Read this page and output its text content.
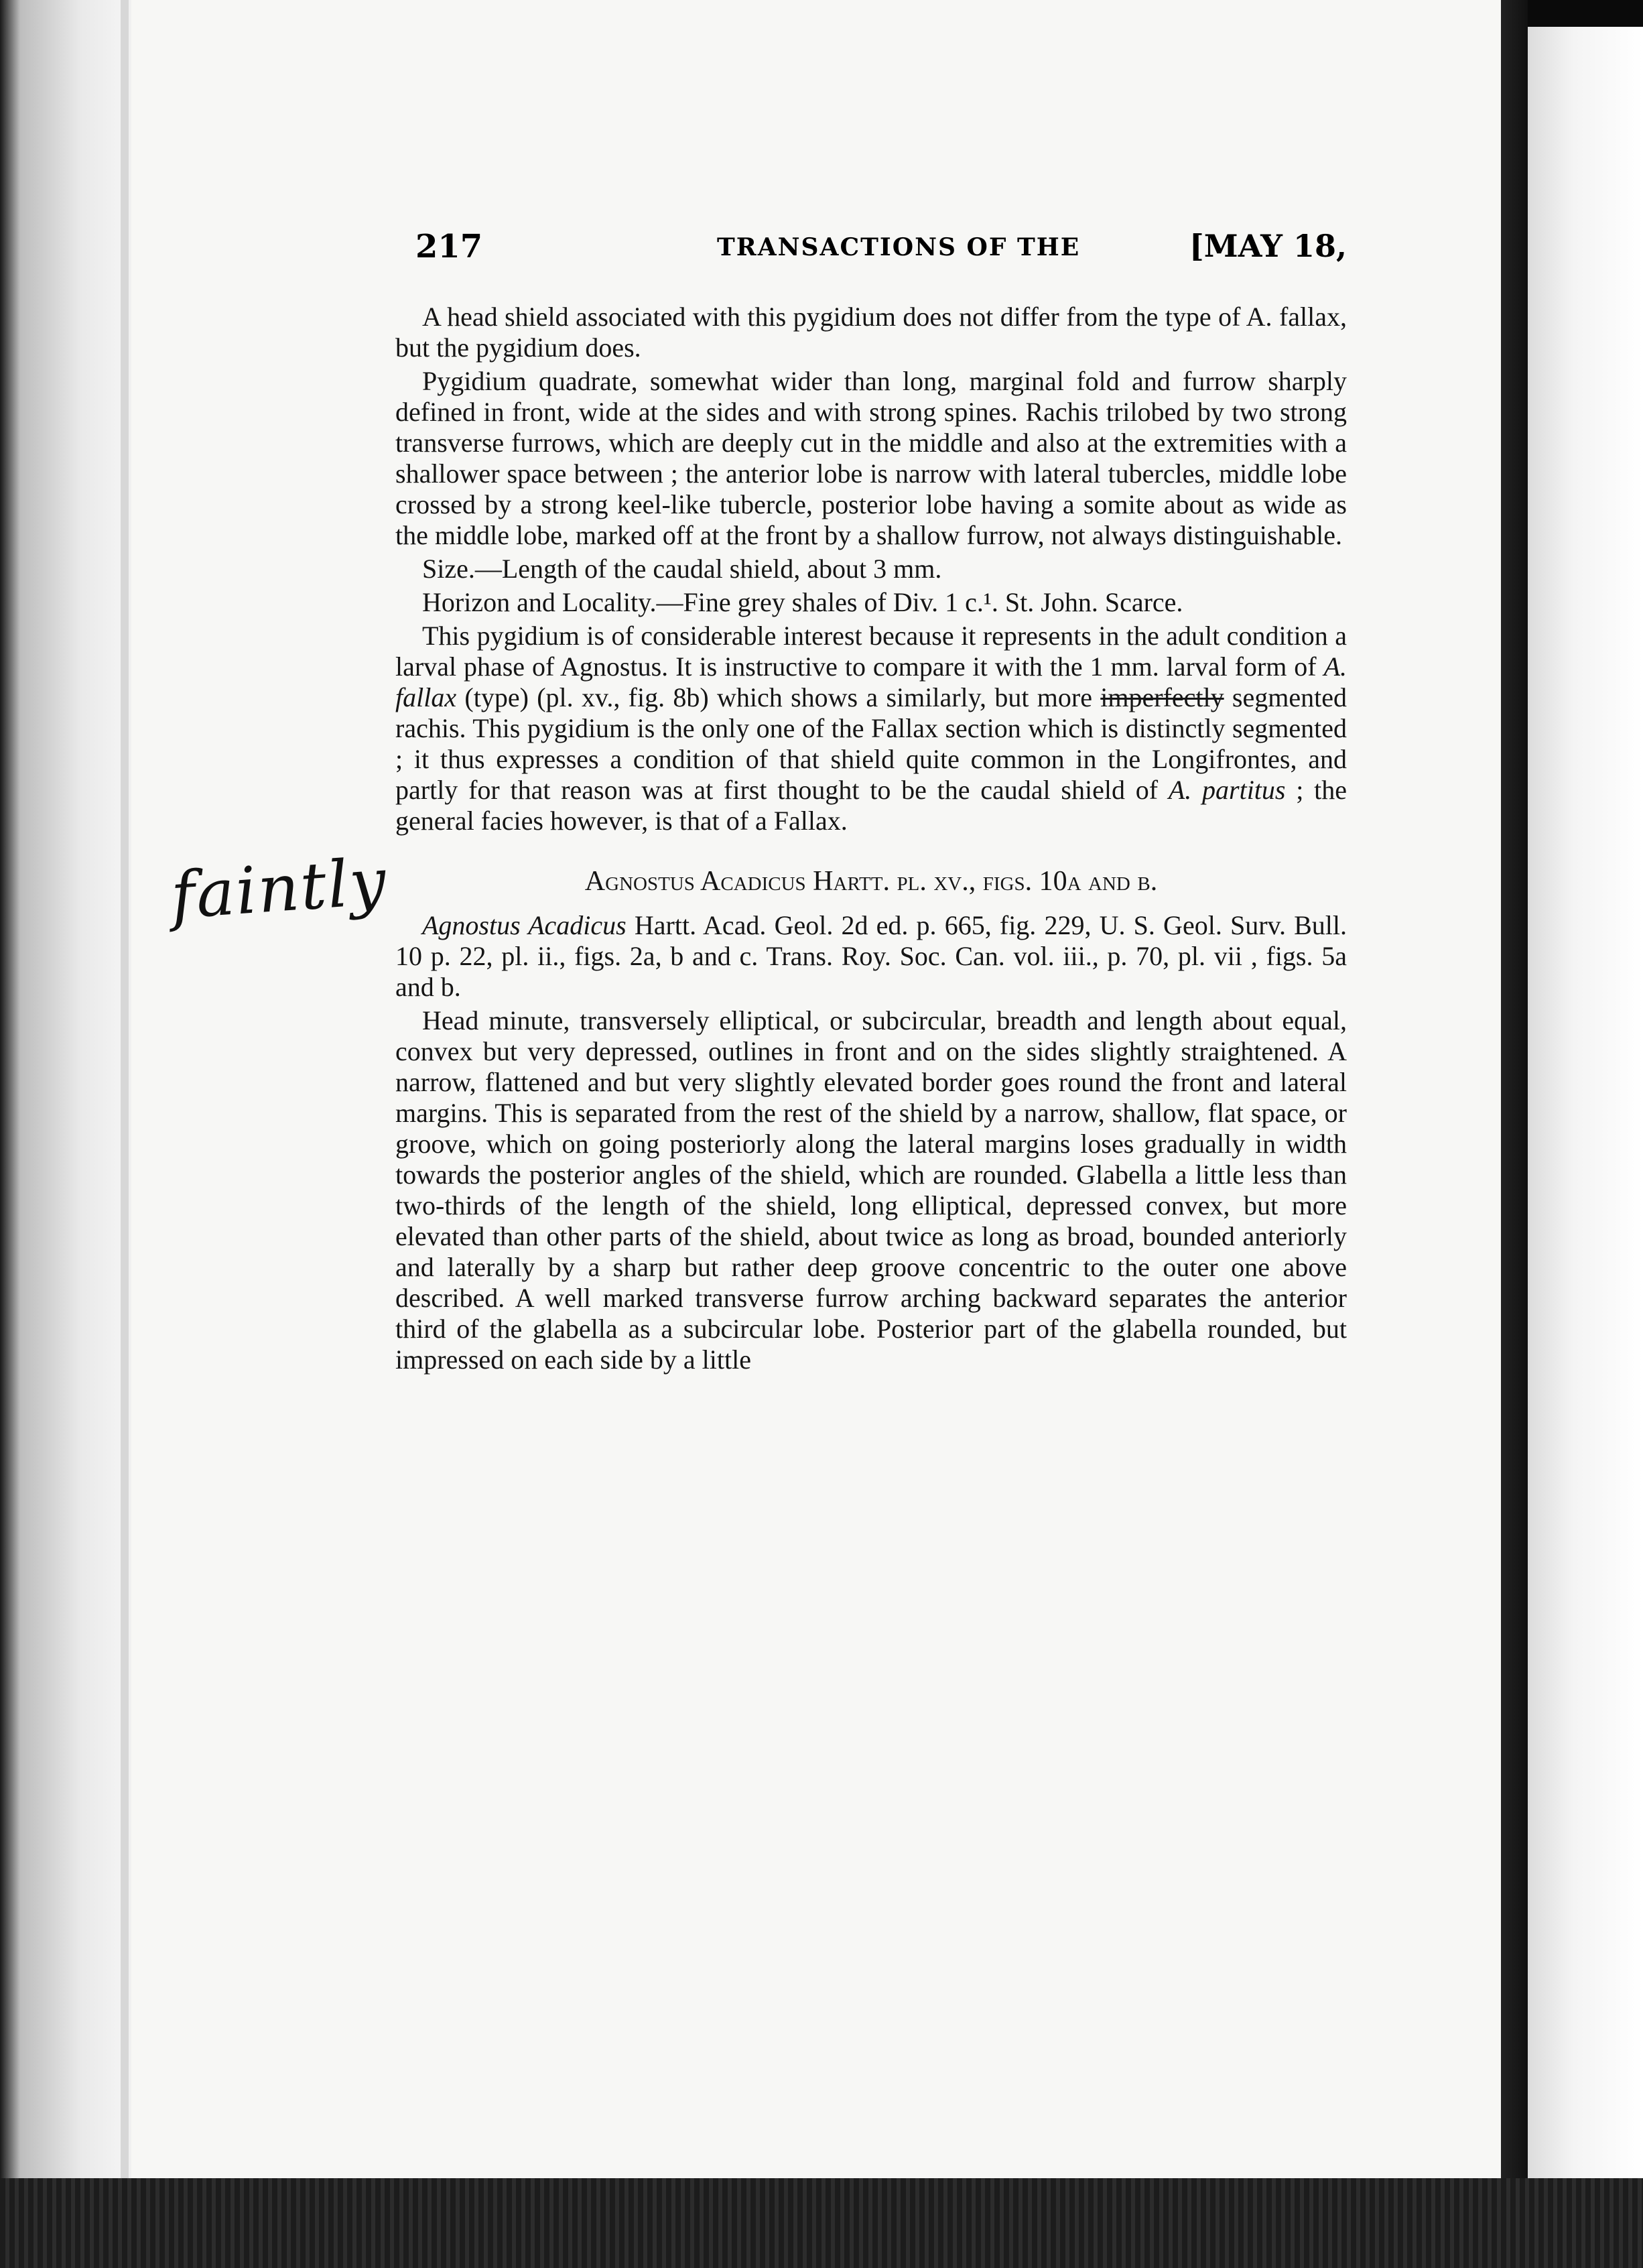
217	TRANSACTIONS OF THE	[MAY 18,
faintly

A head shield associated with this pygidium does not differ from the type of A. fallax, but the pygidium does.

Pygidium quadrate, somewhat wider than long, marginal fold and furrow sharply defined in front, wide at the sides and with strong spines. Rachis trilobed by two strong transverse furrows, which are deeply cut in the middle and also at the extremities with a shallower space between ; the anterior lobe is narrow with lateral tubercles, middle lobe crossed by a strong keel-like tubercle, posterior lobe having a somite about as wide as the middle lobe, marked off at the front by a shallow furrow, not always distinguishable.

Size.—Length of the caudal shield, about 3 mm.

Horizon and Locality.—Fine grey shales of Div. 1 c.¹. St. John. Scarce.

This pygidium is of considerable interest because it represents in the adult condition a larval phase of Agnostus. It is instructive to compare it with the 1 mm. larval form of A. fallax (type) (pl. xv., fig. 8b) which shows a similarly, but more imperfectly segmented rachis. This pygidium is the only one of the Fallax section which is distinctly segmented ; it thus expresses a condition of that shield quite common in the Longifrontes, and partly for that reason was at first thought to be the caudal shield of A. partitus ; the general facies however, is that of a Fallax.

Agnostus Acadicus Hartt. pl. xv., figs. 10a and b.

Agnostus Acadicus Hartt. Acad. Geol. 2d ed. p. 665, fig. 229, U. S. Geol. Surv. Bull. 10 p. 22, pl. ii., figs. 2a, b and c. Trans. Roy. Soc. Can. vol. iii., p. 70, pl. vii , figs. 5a and b.

Head minute, transversely elliptical, or subcircular, breadth and length about equal, convex but very depressed, outlines in front and on the sides slightly straightened. A narrow, flattened and but very slightly elevated border goes round the front and lateral margins. This is separated from the rest of the shield by a narrow, shallow, flat space, or groove, which on going posteriorly along the lateral margins loses gradually in width towards the posterior angles of the shield, which are rounded. Glabella a little less than two-thirds of the length of the shield, long elliptical, depressed convex, but more elevated than other parts of the shield, about twice as long as broad, bounded anteriorly and laterally by a sharp but rather deep groove concentric to the outer one above described. A well marked transverse furrow arching backward separates the anterior third of the glabella as a subcircular lobe. Posterior part of the glabella rounded, but impressed on each side by a little
